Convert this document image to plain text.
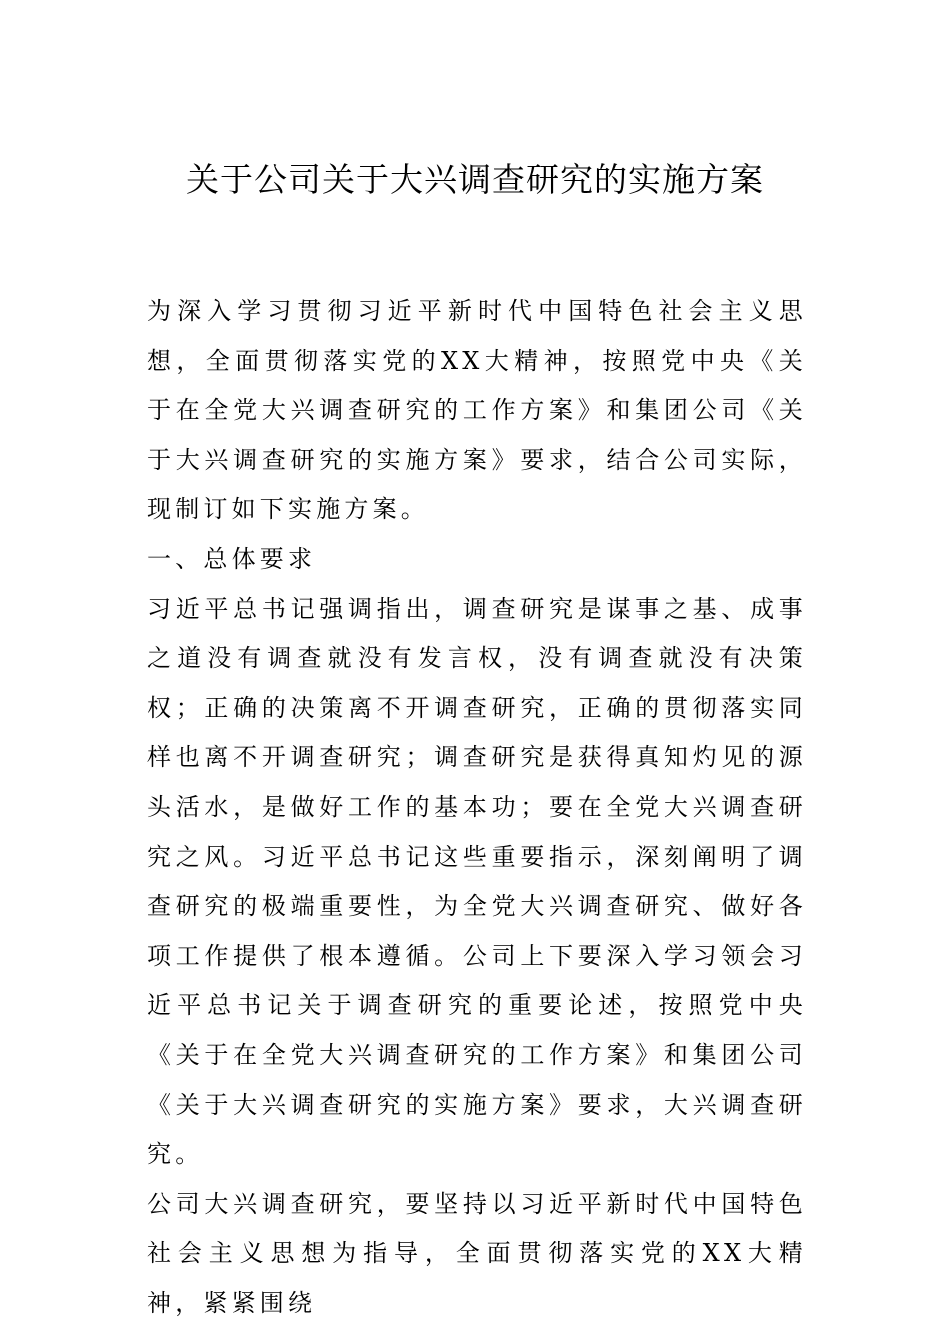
关于公司关于大兴调查研究的实施方案

为深入学习贯彻习近平新时代中国特色社会主义思想，全面贯彻落实党的XX大精神，按照党中央《关于在全党大兴调查研究的工作方案》和集团公司《关于大兴调查研究的实施方案》要求，结合公司实际，现制订如下实施方案。

一、总体要求

习近平总书记强调指出，调查研究是谋事之基、成事之道没有调查就没有发言权，没有调查就没有决策权；正确的决策离不开调查研究，正确的贯彻落实同样也离不开调查研究；调查研究是获得真知灼见的源头活水，是做好工作的基本功；要在全党大兴调查研究之风。习近平总书记这些重要指示，深刻阐明了调查研究的极端重要性，为全党大兴调查研究、做好各项工作提供了根本遵循。公司上下要深入学习领会习近平总书记关于调查研究的重要论述，按照党中央《关于在全党大兴调查研究的工作方案》和集团公司《关于大兴调查研究的实施方案》要求，大兴调查研究。

公司大兴调查研究，要坚持以习近平新时代中国特色社会主义思想为指导，全面贯彻落实党的XX大精神，紧紧围绕
